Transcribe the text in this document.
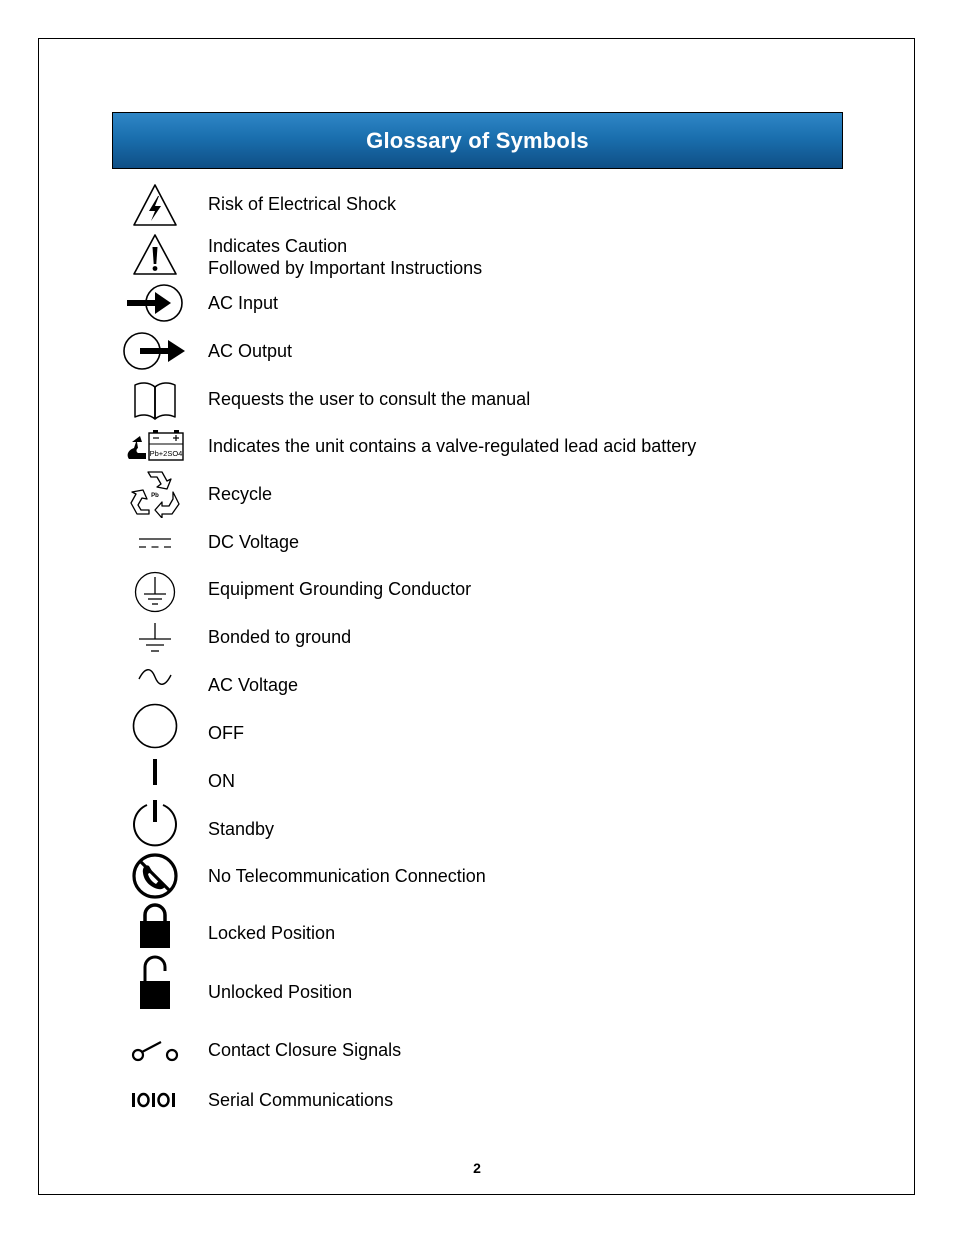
Glossary of Symbols
Risk of Electrical Shock
Indicates Caution
Followed by Important Instructions
AC Input
AC Output
Requests the user to consult the manual
Pb+2SO4 Indicates the unit contains a valve-regulated lead acid battery
Pb	Recycle
DC Voltage
Equipment Grounding Conductor
Bonded to ground
AC Voltage
OFF
ON
Standby
No Telecommunication Connection
Locked Position
Unlocked Position
Contact Closure Signals
Serial Communications
2
